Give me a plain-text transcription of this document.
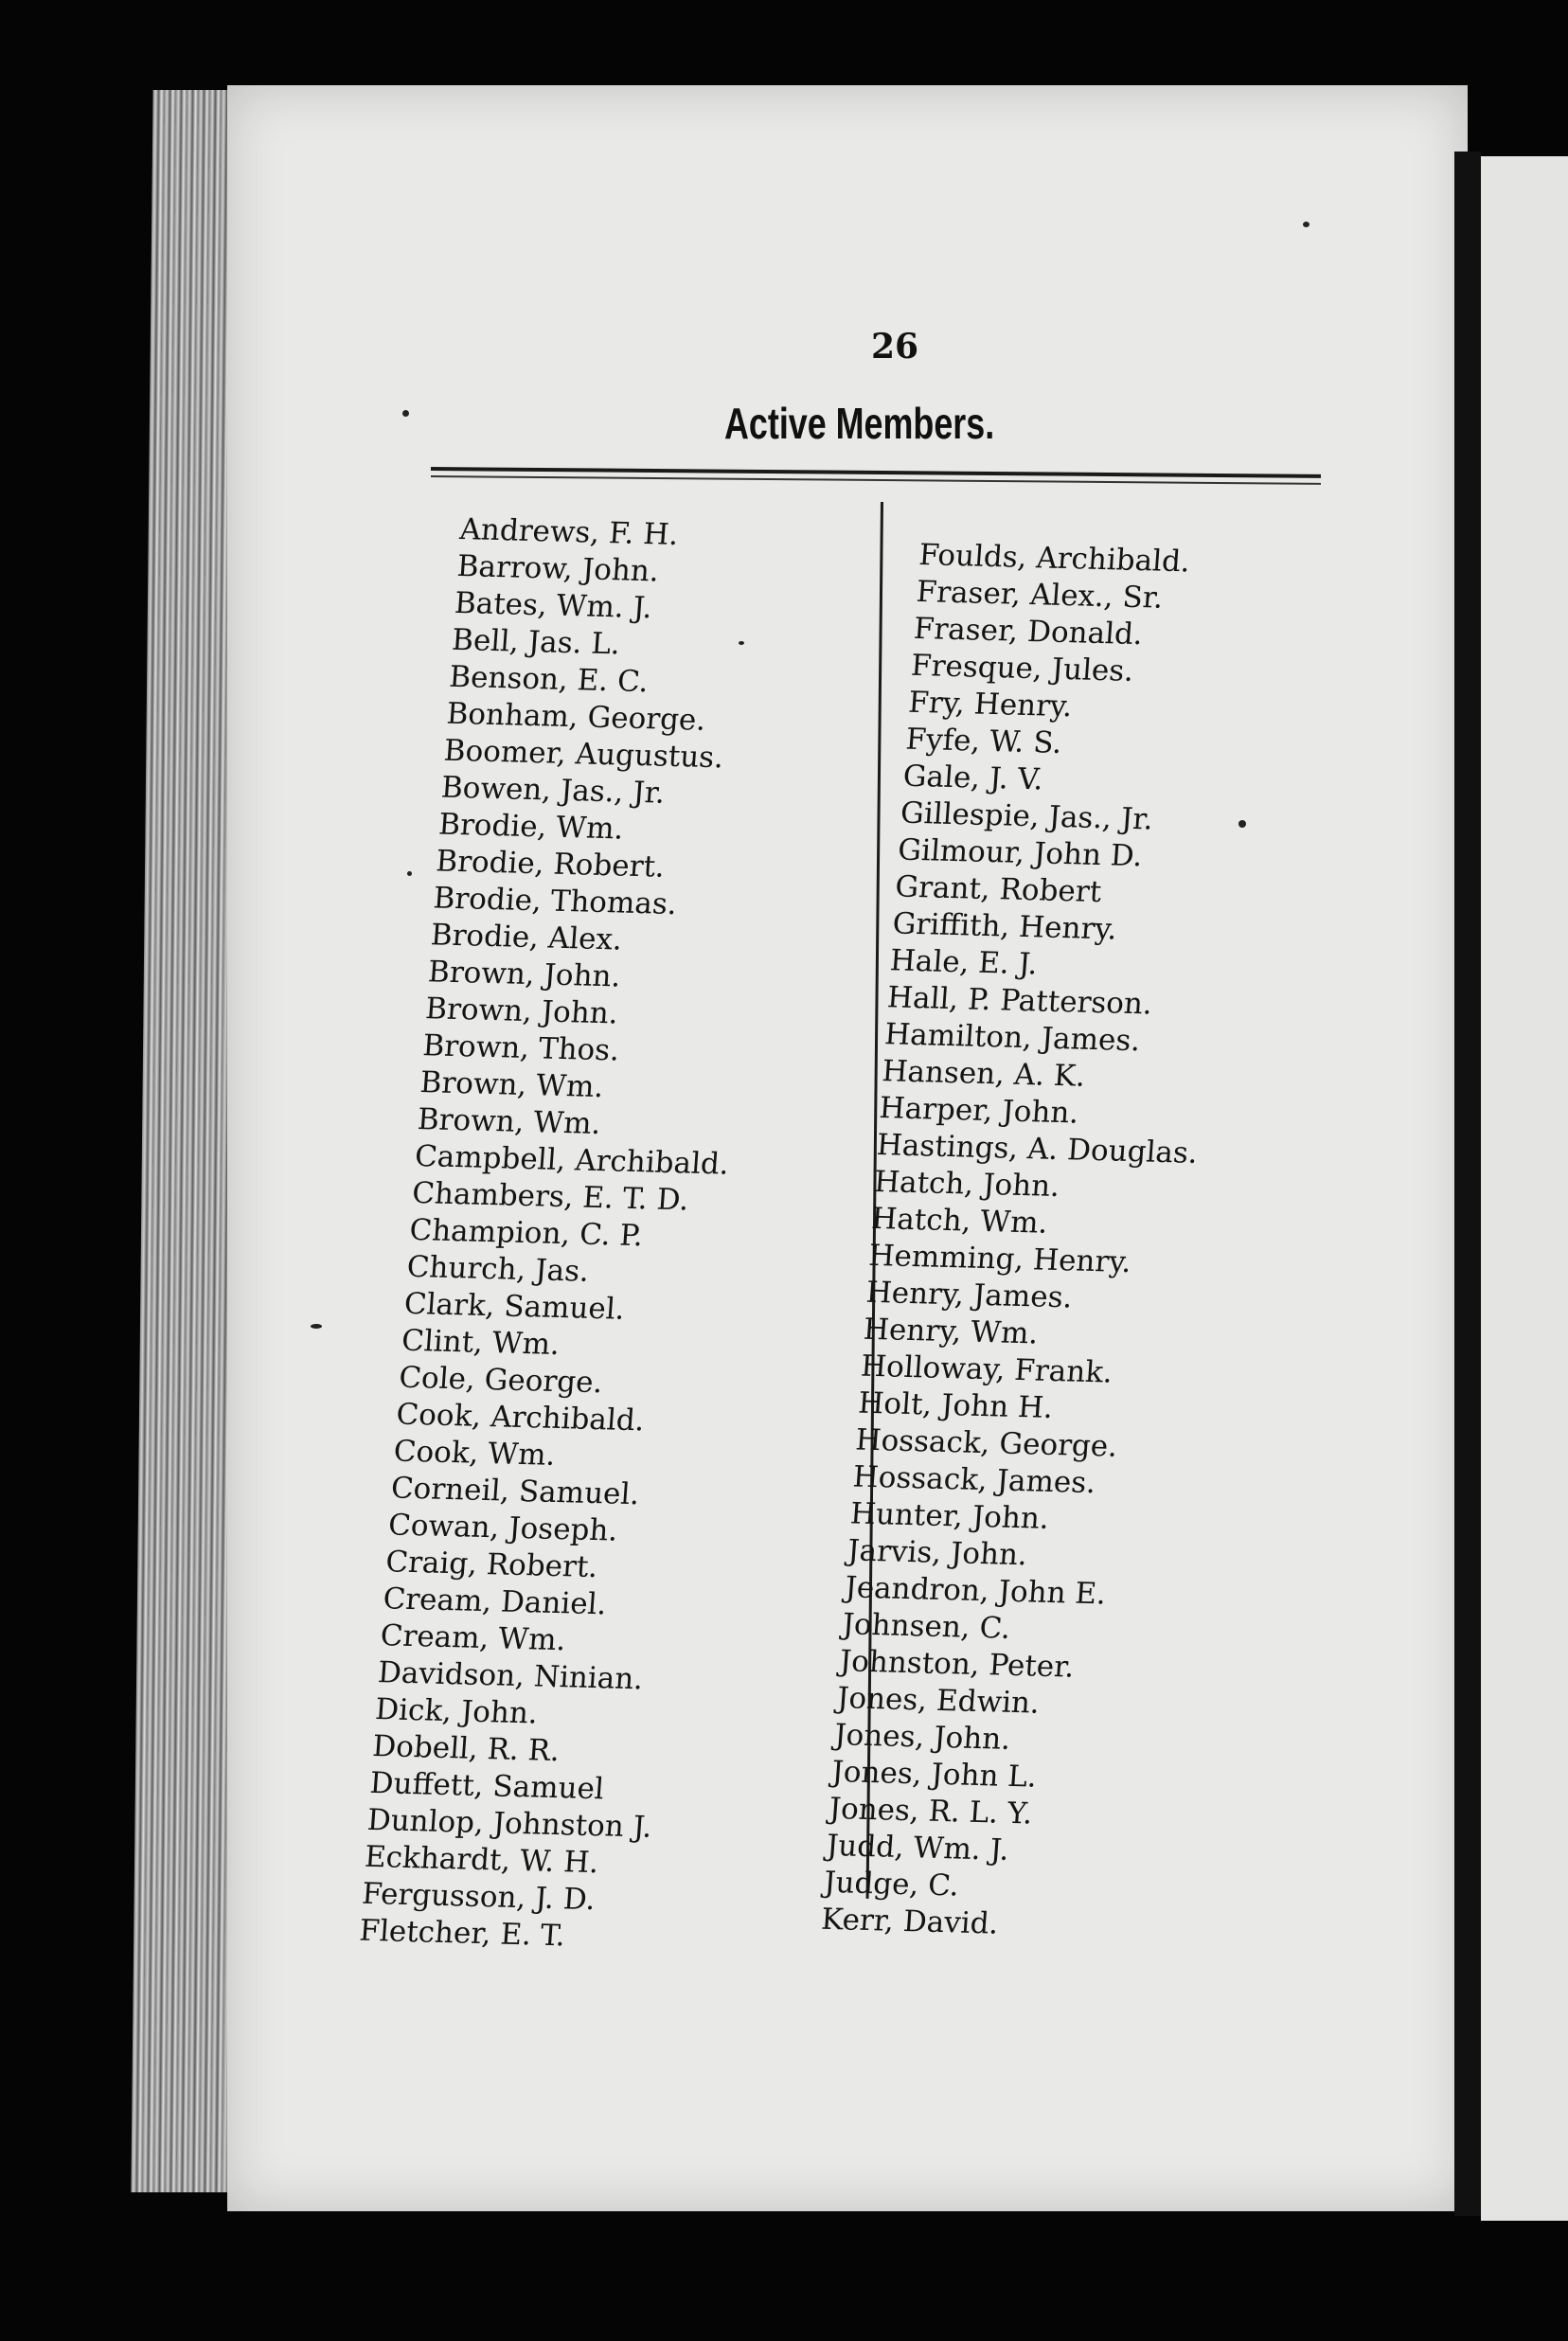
26

Active Members.
Andrews, F. H.
Barrow, John.
Bates, Wm. J.
Bell, Jas. L.
Benson, E. C.
Bonham, George.
Boomer, Augustus.
Bowen, Jas., Jr.
Brodie, Wm.
Brodie, Robert.
Brodie, Thomas.
Brodie, Alex.
Brown, John.
Brown, John.
Brown, Thos.
Brown, Wm.
Brown, Wm.
Campbell, Archibald.
Chambers, E. T. D.
Champion, C. P.
Church, Jas.
Clark, Samuel.
Clint, Wm.
Cole, George.
Cook, Archibald.
Cook, Wm.
Corneil, Samuel.
Cowan, Joseph.
Craig, Robert.
Cream, Daniel.
Cream, Wm.
Davidson, Ninian.
Dick, John.
Dobell, R. R.
Duffett, Samuel
Dunlop, Johnston J.
Eckhardt, W. H.
Fergusson, J. D.
Fletcher, E. T.
Foulds, Archibald.
Fraser, Alex., Sr.
Fraser, Donald.
Fresque, Jules.
Fry, Henry.
Fyfe, W. S.
Gale, J. V.
Gillespie, Jas., Jr.
Gilmour, John D.
Grant, Robert
Griffith, Henry.
Hale, E. J.
Hall, P. Patterson.
Hamilton, James.
Hansen, A. K.
Harper, John.
Hastings, A. Douglas.
Hatch, John.
Hatch, Wm.
Hemming, Henry.
Henry, James.
Henry, Wm.
Holloway, Frank.
Holt, John H.
Hossack, George.
Hossack, James.
Hunter, John.
Jarvis, John.
Jeandron, John E.
Johnsen, C.
Johnston, Peter.
Jones, Edwin.
Jones, John.
Jones, John L.
Jones, R. L. Y.
Judd, Wm. J.
Judge, C.
Kerr, David.
